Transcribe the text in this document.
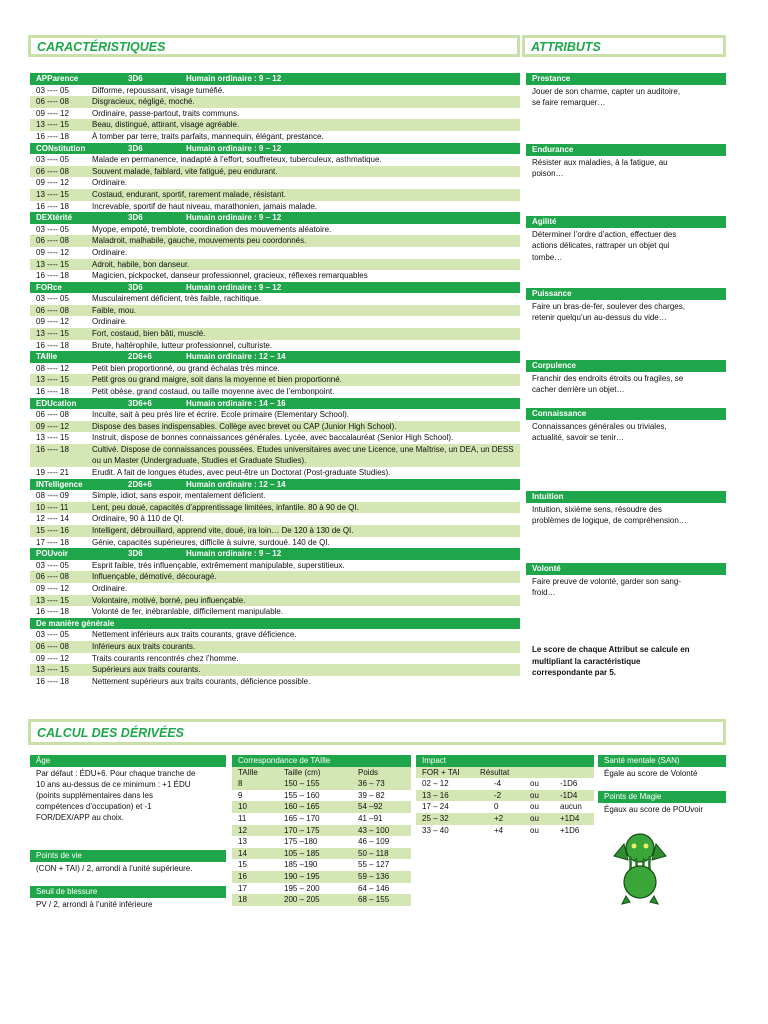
CARACTÉRISTIQUES	ATTRIBUTS
CALCUL DES DÉRIVÉES
APParence	3D6	Humain ordinaire : 9 – 12
03 ---- 05	Difforme, repoussant, visage tuméfié.
06 ---- 08	Disgracieux, négligé, moché.
09 ---- 12	Ordinaire, passe-partout, traits communs.
13 ---- 15	Beau, distingué, attirant, visage agréable.
16 ---- 18	À tomber par terre, traits parfaits, mannequin, élégant, prestance.
CONstitution	3D6	Humain ordinaire : 9 – 12
03 ---- 05	Malade en permanence, inadapté à l’effort, souffreteux, tuberculeux, asthmatique.
06 ---- 08	Souvent malade, faiblard, vite fatigué, peu endurant.
09 ---- 12	Ordinaire.
13 ---- 15	Costaud, endurant, sportif, rarement malade, résistant.
16 ---- 18	Increvable, sportif de haut niveau, marathonien, jamais malade.
DEXtérité	3D6	Humain ordinaire : 9 – 12
03 ---- 05	Myope, empoté, tremblote, coordination des mouvements aléatoire.
06 ---- 08	Maladroit, malhabile, gauche, mouvements peu coordonnés.
09 ---- 12	Ordinaire.
13 ---- 15	Adroit, habile, bon danseur.
16 ---- 18	Magicien, pickpocket, danseur professionnel, gracieux, réflexes remarquables
FORce	3D6	Humain ordinaire : 9 – 12
03 ---- 05	Musculairement déficient, très faible, rachitique.
06 ---- 08	Faible, mou.
09 ---- 12	Ordinaire.
13 ---- 15	Fort, costaud, bien bâti, musclé.
16 ---- 18	Brute, haltérophile, lutteur professionnel, culturiste.
TAIlle	2D6+6	Humain ordinaire : 12 – 14
08 ---- 12	Petit bien proportionné, ou grand échalas très mince.
13 ---- 15	Petit gros ou grand maigre, soit dans la moyenne et bien proportionné.
16 ---- 18	Petit obèse, grand costaud, ou taille moyenne avec de l’embonpoint.
EDUcation	3D6+6	Humain ordinaire : 14 – 16
06 ---- 08	Inculte, sait à peu près lire et écrire. Ecole primaire (Elementary School).
09 ---- 12	Dispose des bases indispensables. Collège avec brevet ou CAP (Junior High School).
13 ---- 15	Instruit, dispose de bonnes connaissances générales. Lycée, avec baccalauréat (Senior High School).
16 ---- 18	Cultivé. Dispose de connaissances poussées. Etudes universitaires avec une Licence, une Maîtrise, un DEA, un DESS ou un Master (Undergraduate, Studies et Graduate Studies).
19 ---- 21	Erudit. A fait de longues études, avec peut-être un Doctorat (Post-graduate Studies).
INTelligence	2D6+6	Humain ordinaire : 12 – 14
08 ---- 09	Simple, idiot, sans espoir, mentalement déficient.
10 ---- 11	Lent, peu doué, capacités d’apprentissage limitées, infantile. 80 à 90 de QI.
12 ---- 14	Ordinaire, 90 à 110 de QI.
15 ---- 16	Intelligent, débrouillard, apprend vite, doué, ira loin… De 120 à 130 de QI.
17 ---- 18	Génie, capacités supérieures, difficile à suivre, surdoué. 140 de QI.
POUvoir	3D6	Humain ordinaire : 9 – 12
03 ---- 05	Esprit faible, très influençable, extrêmement manipulable, superstitieux.
06 ---- 08	Influençable, démotivé, découragé.
09 ---- 12	Ordinaire.
13 ---- 15	Volontaire, motivé, borné, peu influençable.
16 ---- 18	Volonté de fer, inébranlable, difficilement manipulable.
De manière générale
03 ---- 05	Nettement inférieurs aux traits courants, grave déficience.
06 ---- 08	Inférieurs aux traits courants.
09 ---- 12	Traits courants rencontrés chez l’homme.
13 ---- 15	Supérieurs aux traits courants.
16 ---- 18	Nettement supérieurs aux traits courants, déficience possible.
Prestance
Jouer de son charme, capter un auditoire,
se faire remarquer…
Endurance
Résister aux maladies, à la fatigue, au
poison…
Agilité
Déterminer l’ordre d’action, effectuer des
actions délicates, rattraper un objet qui
tombe…
Puissance
Faire un bras-de-fer, soulever des charges,
retenir quelqu’un au-dessus du vide…
Corpulence
Franchir des endroits étroits ou fragiles, se
cacher derrière un objet…
Connaissance
Connaissances générales ou triviales,
actualité, savoir se tenir…
Intuition
Intuition, sixième sens, résoudre des
problèmes de logique, de compréhension…
Volonté
Faire preuve de volonté, garder son sang-
froid…
Le score de chaque Attribut se calcule en
multipliant la caractéristique
correspondante par 5.
Âge
Par défaut : ÉDU+6. Pour chaque tranche de
10 ans au-dessus de ce minimum : +1 ÉDU
(points supplémentaires dans les
compétences d’occupation) et -1
FOR/DEX/APP au choix.
Points de vie
(CON + TAI) / 2, arrondi à l’unité supérieure.
Seuil de blessure
PV / 2, arrondi à l’unité inférieure
Correspondance de TAIlle
TAIlle	Taille (cm)	Poids
8	150 – 155	36 – 73
9	155 – 160	39 – 82
10	160 – 165	54 –92
11	165 – 170	41 –91
12	170 – 175	43 – 100
13	175 –180	46 – 109
14	105 – 185	50 – 118
15	185 –190	55 – 127
16	190 – 195	59 – 136
17	195 – 200	64 – 146
18	200 – 205	68 – 155
Impact
FOR + TAI	Résultat
02 – 12	-4	ou	-1D6
13 – 16	-2	ou	-1D4
17 – 24	0	ou	aucun
25 – 32	+2	ou	+1D4
33 – 40	+4	ou	+1D6
Santé mentale (SAN)
Égale au score de Volonté
Points de Magie
Égaux au score de POUvoir
